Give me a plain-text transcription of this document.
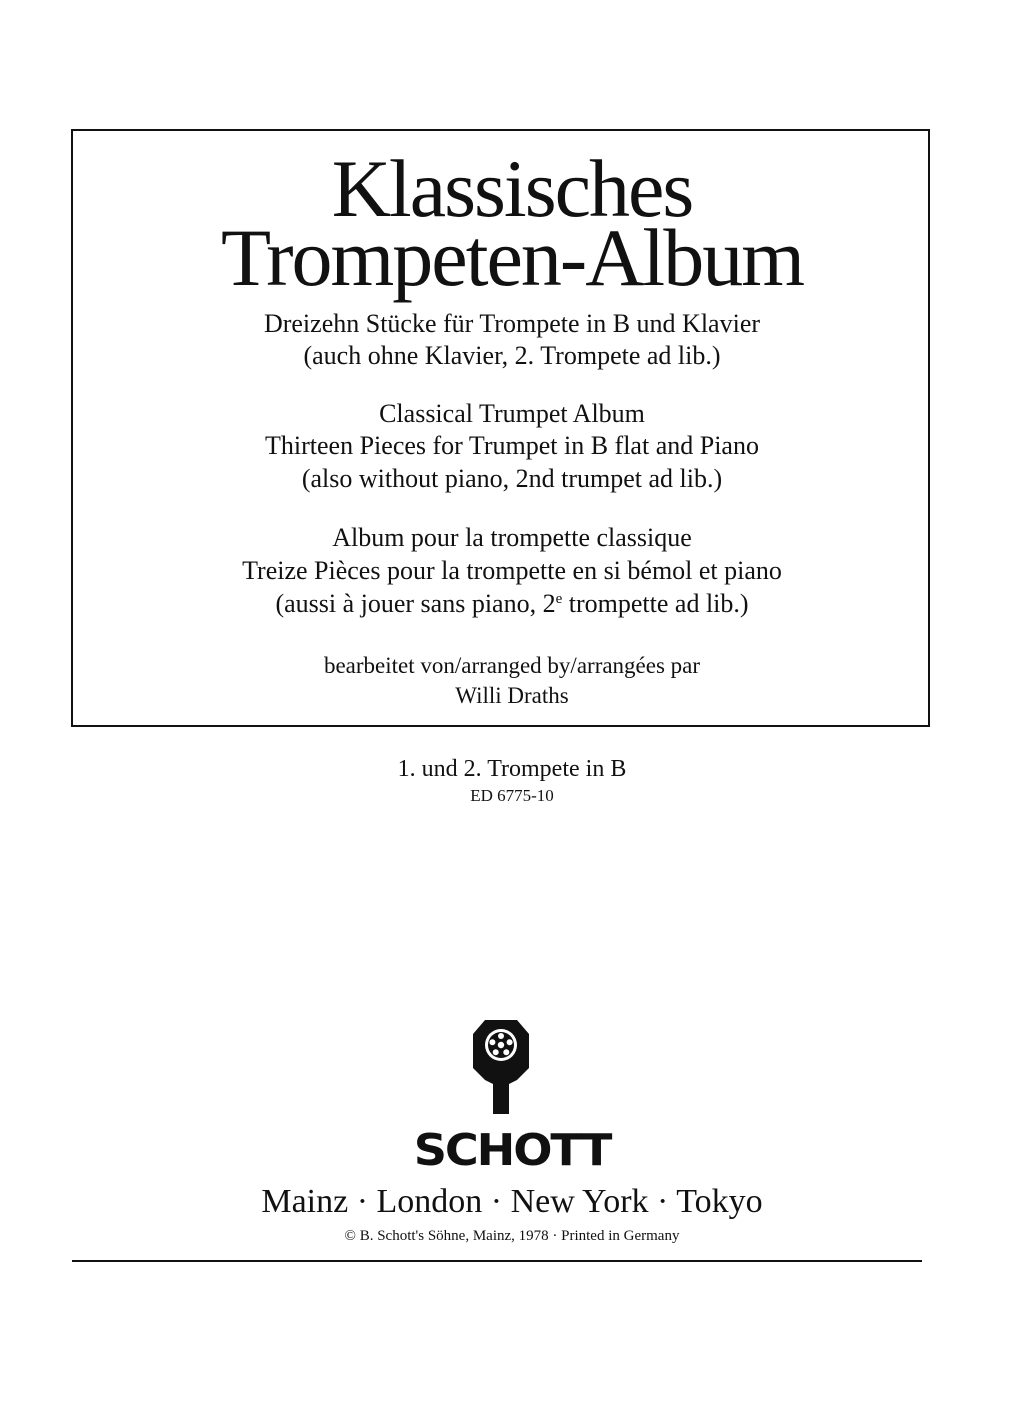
Klassisches
Trompeten-Album
Dreizehn Stücke für Trompete in B und Klavier
(auch ohne Klavier, 2. Trompete ad lib.)
Classical Trumpet Album
Thirteen Pieces for Trumpet in B flat and Piano
(also without piano, 2nd trumpet ad lib.)
Album pour la trompette classique
Treize Pièces pour la trompette en si bémol et piano
(aussi à jouer sans piano, 2e trompette ad lib.)
bearbeitet von/arranged by/arrangées par
Willi Draths
1. und 2. Trompete in B
ED 6775-10
SCHOTT
Mainz · London · New York · Tokyo
© B. Schott's Söhne, Mainz, 1978 · Printed in Germany
